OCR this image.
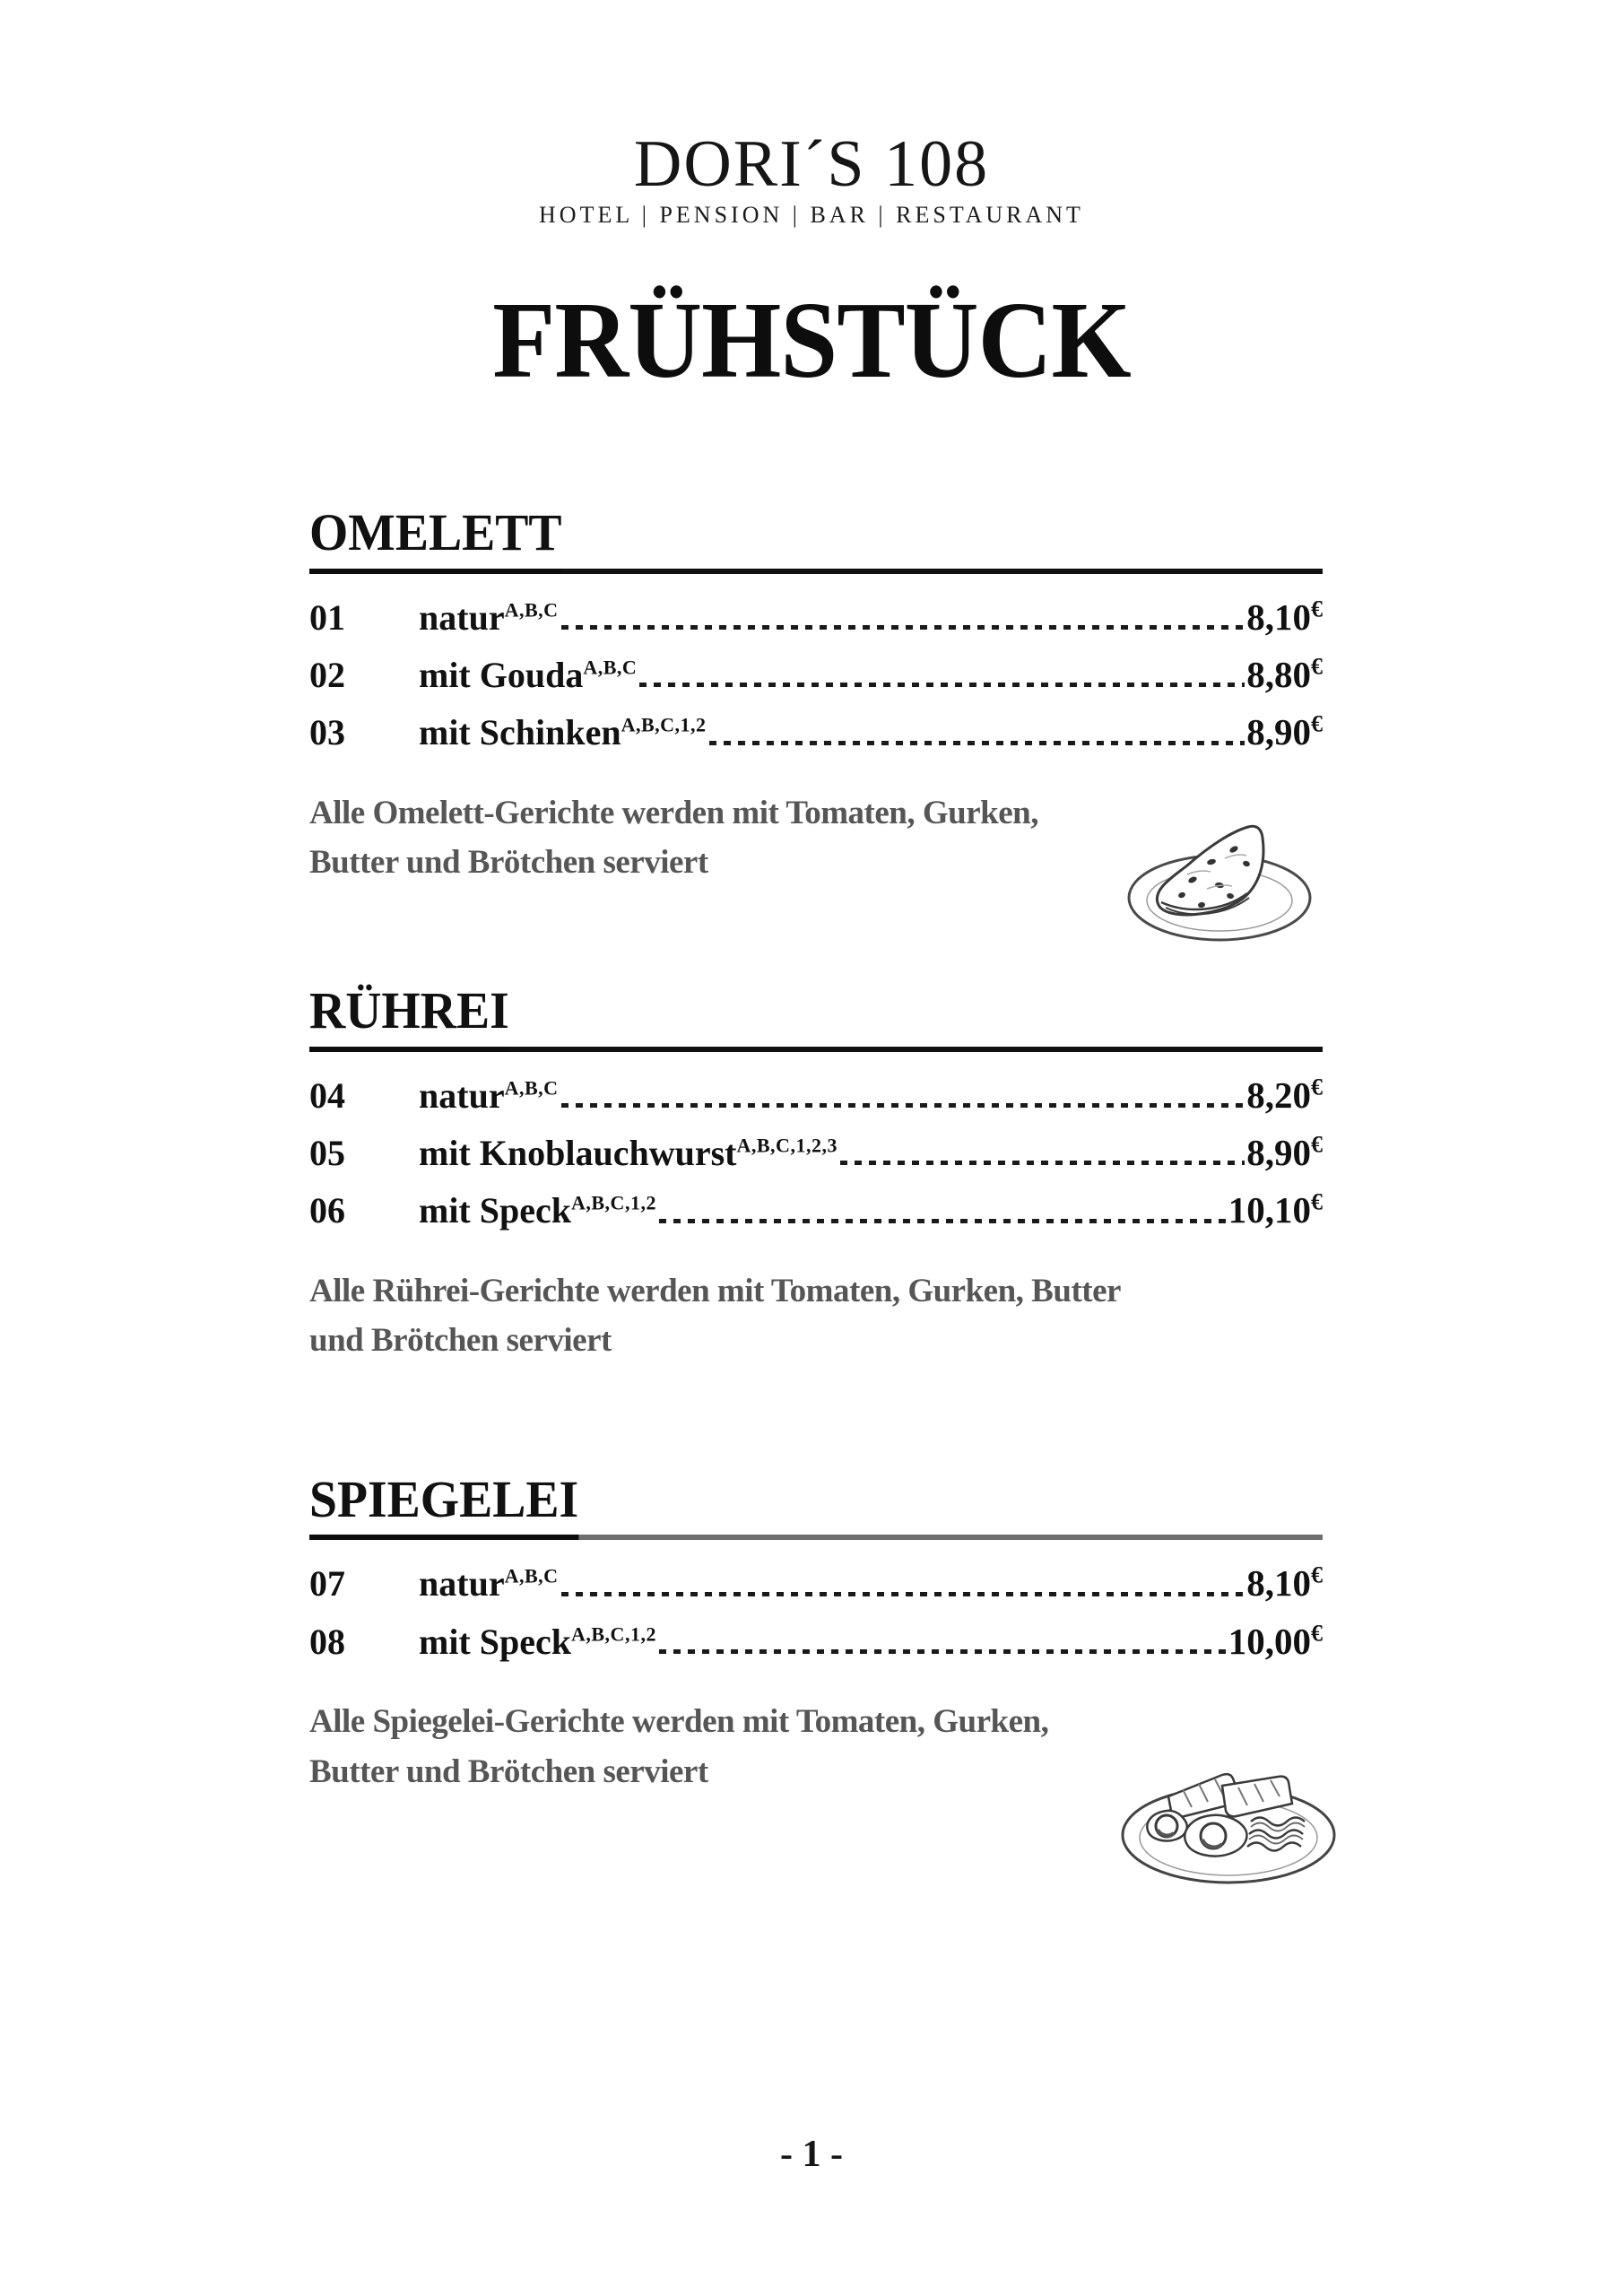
DORI´S 108
HOTEL | PENSION | BAR | RESTAURANT
FRÜHSTÜCK
OMELETT
01	natur$^{A,B,C}$	8,10€
02	mit Gouda$^{A,B,C}$	8,80€
03	mit Schinken$^{A,B,C,1,2}$	8,90€

Alle Omelett-Gerichte werden mit Tomaten, Gurken, Butter und Brötchen serviert

RÜHREI
04	natur$^{A,B,C}$	8,20€
05	mit Knoblauchwurst$^{A,B,C,1,2,3}$	8,90€
06	mit Speck$^{A,B,C,1,2}$	10,10€

Alle Rührei-Gerichte werden mit Tomaten, Gurken, Butter und Brötchen serviert

SPIEGELEI
07	natur$^{A,B,C}$	8,10€
08	mit Speck$^{A,B,C,1,2}$	10,00€

Alle Spiegelei-Gerichte werden mit Tomaten, Gurken, Butter und Brötchen serviert

- 1 -
